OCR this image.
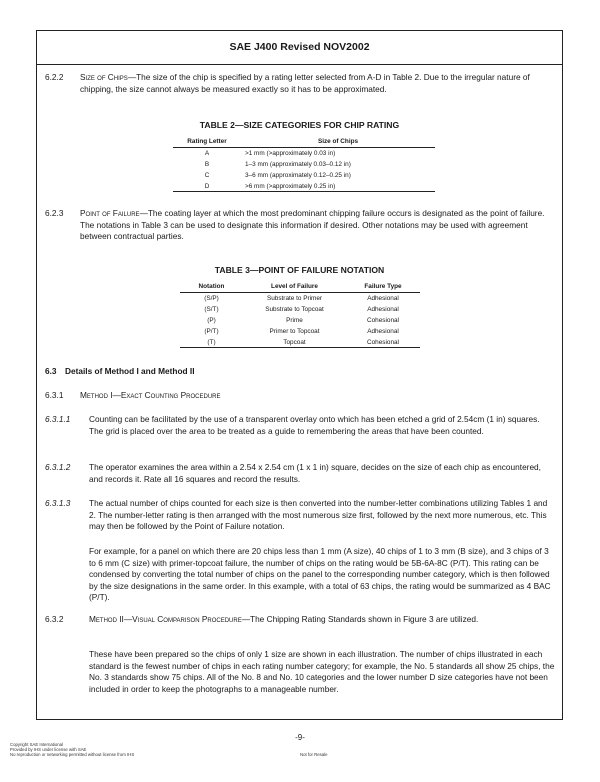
SAE J400 Revised NOV2002
6.2.2 Size of Chips—The size of the chip is specified by a rating letter selected from A-D in Table 2. Due to the irregular nature of chipping, the size cannot always be measured exactly so it has to be approximated.
TABLE 2—SIZE CATEGORIES FOR CHIP RATING
Rating Letter	Size of Chips
A	>1 mm (>approximately 0.03 in)
B	1–3 mm (approximately 0.03–0.12 in)
C	3–6 mm (approximately 0.12–0.25 in)
D	>6 mm (>approximately 0.25 in)
6.2.3 Point of Failure—The coating layer at which the most predominant chipping failure occurs is designated as the point of failure. The notations in Table 3 can be used to designate this information if desired. Other notations may be used with agreement between contractual parties.
TABLE 3—POINT OF FAILURE NOTATION
Notation	Level of Failure	Failure Type
(S/P)	Substrate to Primer	Adhesional
(S/T)	Substrate to Topcoat	Adhesional
(P)	Prime	Cohesional
(P/T)	Primer to Topcoat	Adhesional
(T)	Topcoat	Cohesional
6.3 Details of Method I and Method II
6.3.1 Method I—Exact Counting Procedure
6.3.1.1 Counting can be facilitated by the use of a transparent overlay onto which has been etched a grid of 2.54cm (1 in) squares. The grid is placed over the area to be treated as a guide to remembering the areas that have been counted.
6.3.1.2 The operator examines the area within a 2.54 x 2.54 cm (1 x 1 in) square, decides on the size of each chip as encountered, and records it. Rate all 16 squares and record the results.
6.3.1.3 The actual number of chips counted for each size is then converted into the number-letter combinations utilizing Tables 1 and 2. The number-letter rating is then arranged with the most numerous size first, followed by the next more numerous, etc. This may then be followed by the Point of Failure notation.
For example, for a panel on which there are 20 chips less than 1 mm (A size), 40 chips of 1 to 3 mm (B size), and 3 chips of 3 to 6 mm (C size) with primer-topcoat failure, the number of chips on the rating would be 5B-6A-8C (P/T). This rating can be condensed by converting the total number of chips on the panel to the corresponding number category, which is then followed by the size designations in the same order. In this example, with a total of 63 chips, the rating would be summarized as 4 BAC (P/T).
6.3.2	Method II—Visual Comparison Procedure—The Chipping Rating Standards shown in Figure 3 are utilized.
These have been prepared so the chips of only 1 size are shown in each illustration. The number of chips illustrated in each standard is the fewest number of chips in each rating number category; for example, the No. 5 standards all show 25 chips, the No. 3 standards show 75 chips. All of the No. 8 and No. 10 categories and the lower number D size categories have not been included in order to keep the photographs to a manageable number.
-9-
Copyright SAE International
Provided by IHS under license with SAE
No reproduction or networking permitted without license from IHS	Not for Resale
